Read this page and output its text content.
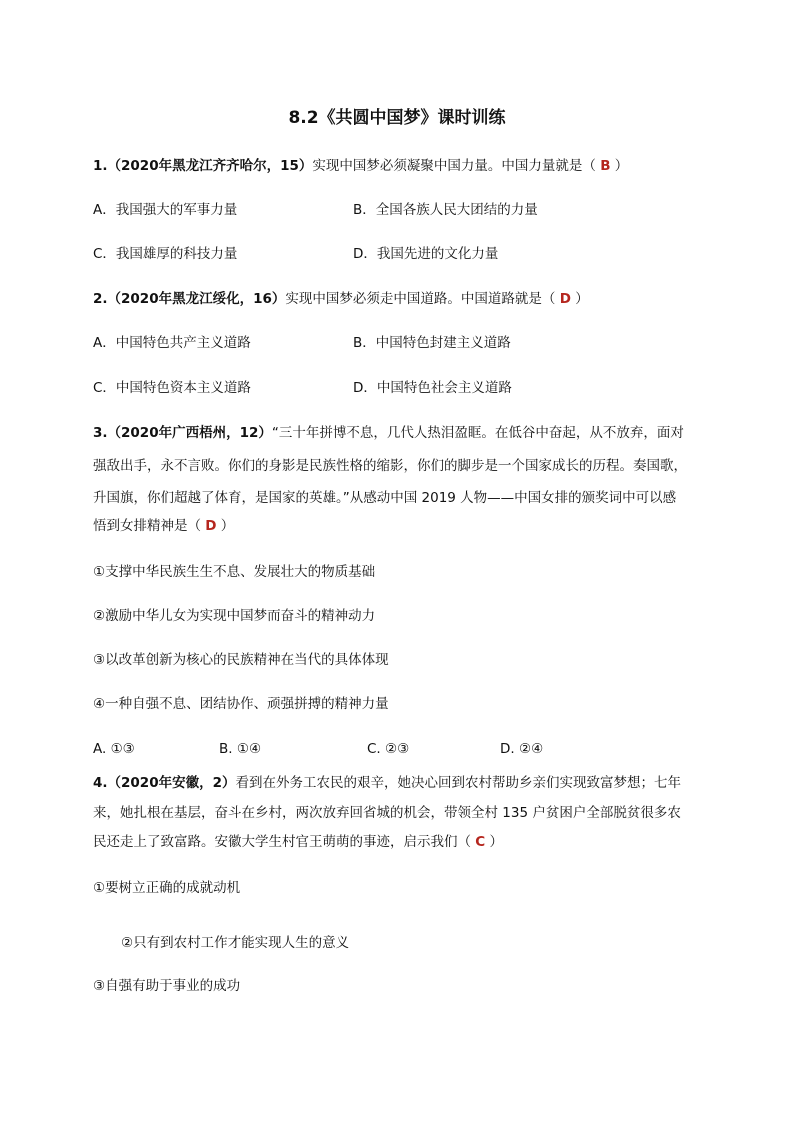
8.2《共圆中国梦》课时训练
1.（2020年黑龙江齐齐哈尔，15）实现中国梦必须凝聚中国力量。中国力量就是（ B ）
A．我国强大的军事力量	B．全国各族人民大团结的力量
C．我国雄厚的科技力量	D．我国先进的文化力量
2.（2020年黑龙江绥化，16）实现中国梦必须走中国道路。中国道路就是（ D ）
A．中国特色共产主义道路	B．中国特色封建主义道路
C．中国特色资本主义道路	D．中国特色社会主义道路
3.（2020年广西梧州，12）“三十年拼博不息，几代人热泪盈眶。在低谷中奋起，从不放弃，面对
强敌出手，永不言败。你们的身影是民族性格的缩影，你们的脚步是一个国家成长的历程。奏国歌，
升国旗，你们超越了体育，是国家的英雄。”从感动中国 2019 人物——中国女排的颁奖词中可以感
悟到女排精神是（ D ）
①支撑中华民族生生不息、发展壮大的物质基础
②激励中华儿女为实现中国梦而奋斗的精神动力
③以改革创新为核心的民族精神在当代的具体体现
④一种自强不息、团结协作、顽强拼搏的精神力量
A. ①③	B. ①④	C. ②③	D. ②④
4.（2020年安徽，2）看到在外务工农民的艰辛，她决心回到农村帮助乡亲们实现致富梦想；七年
来，她扎根在基层，奋斗在乡村，两次放弃回省城的机会，带领全村 135 户贫困户全部脱贫很多农
民还走上了致富路。安徽大学生村官王萌萌的事迹，启示我们（ C ）
①要树立正确的成就动机
②只有到农村工作才能实现人生的意义
③自强有助于事业的成功
